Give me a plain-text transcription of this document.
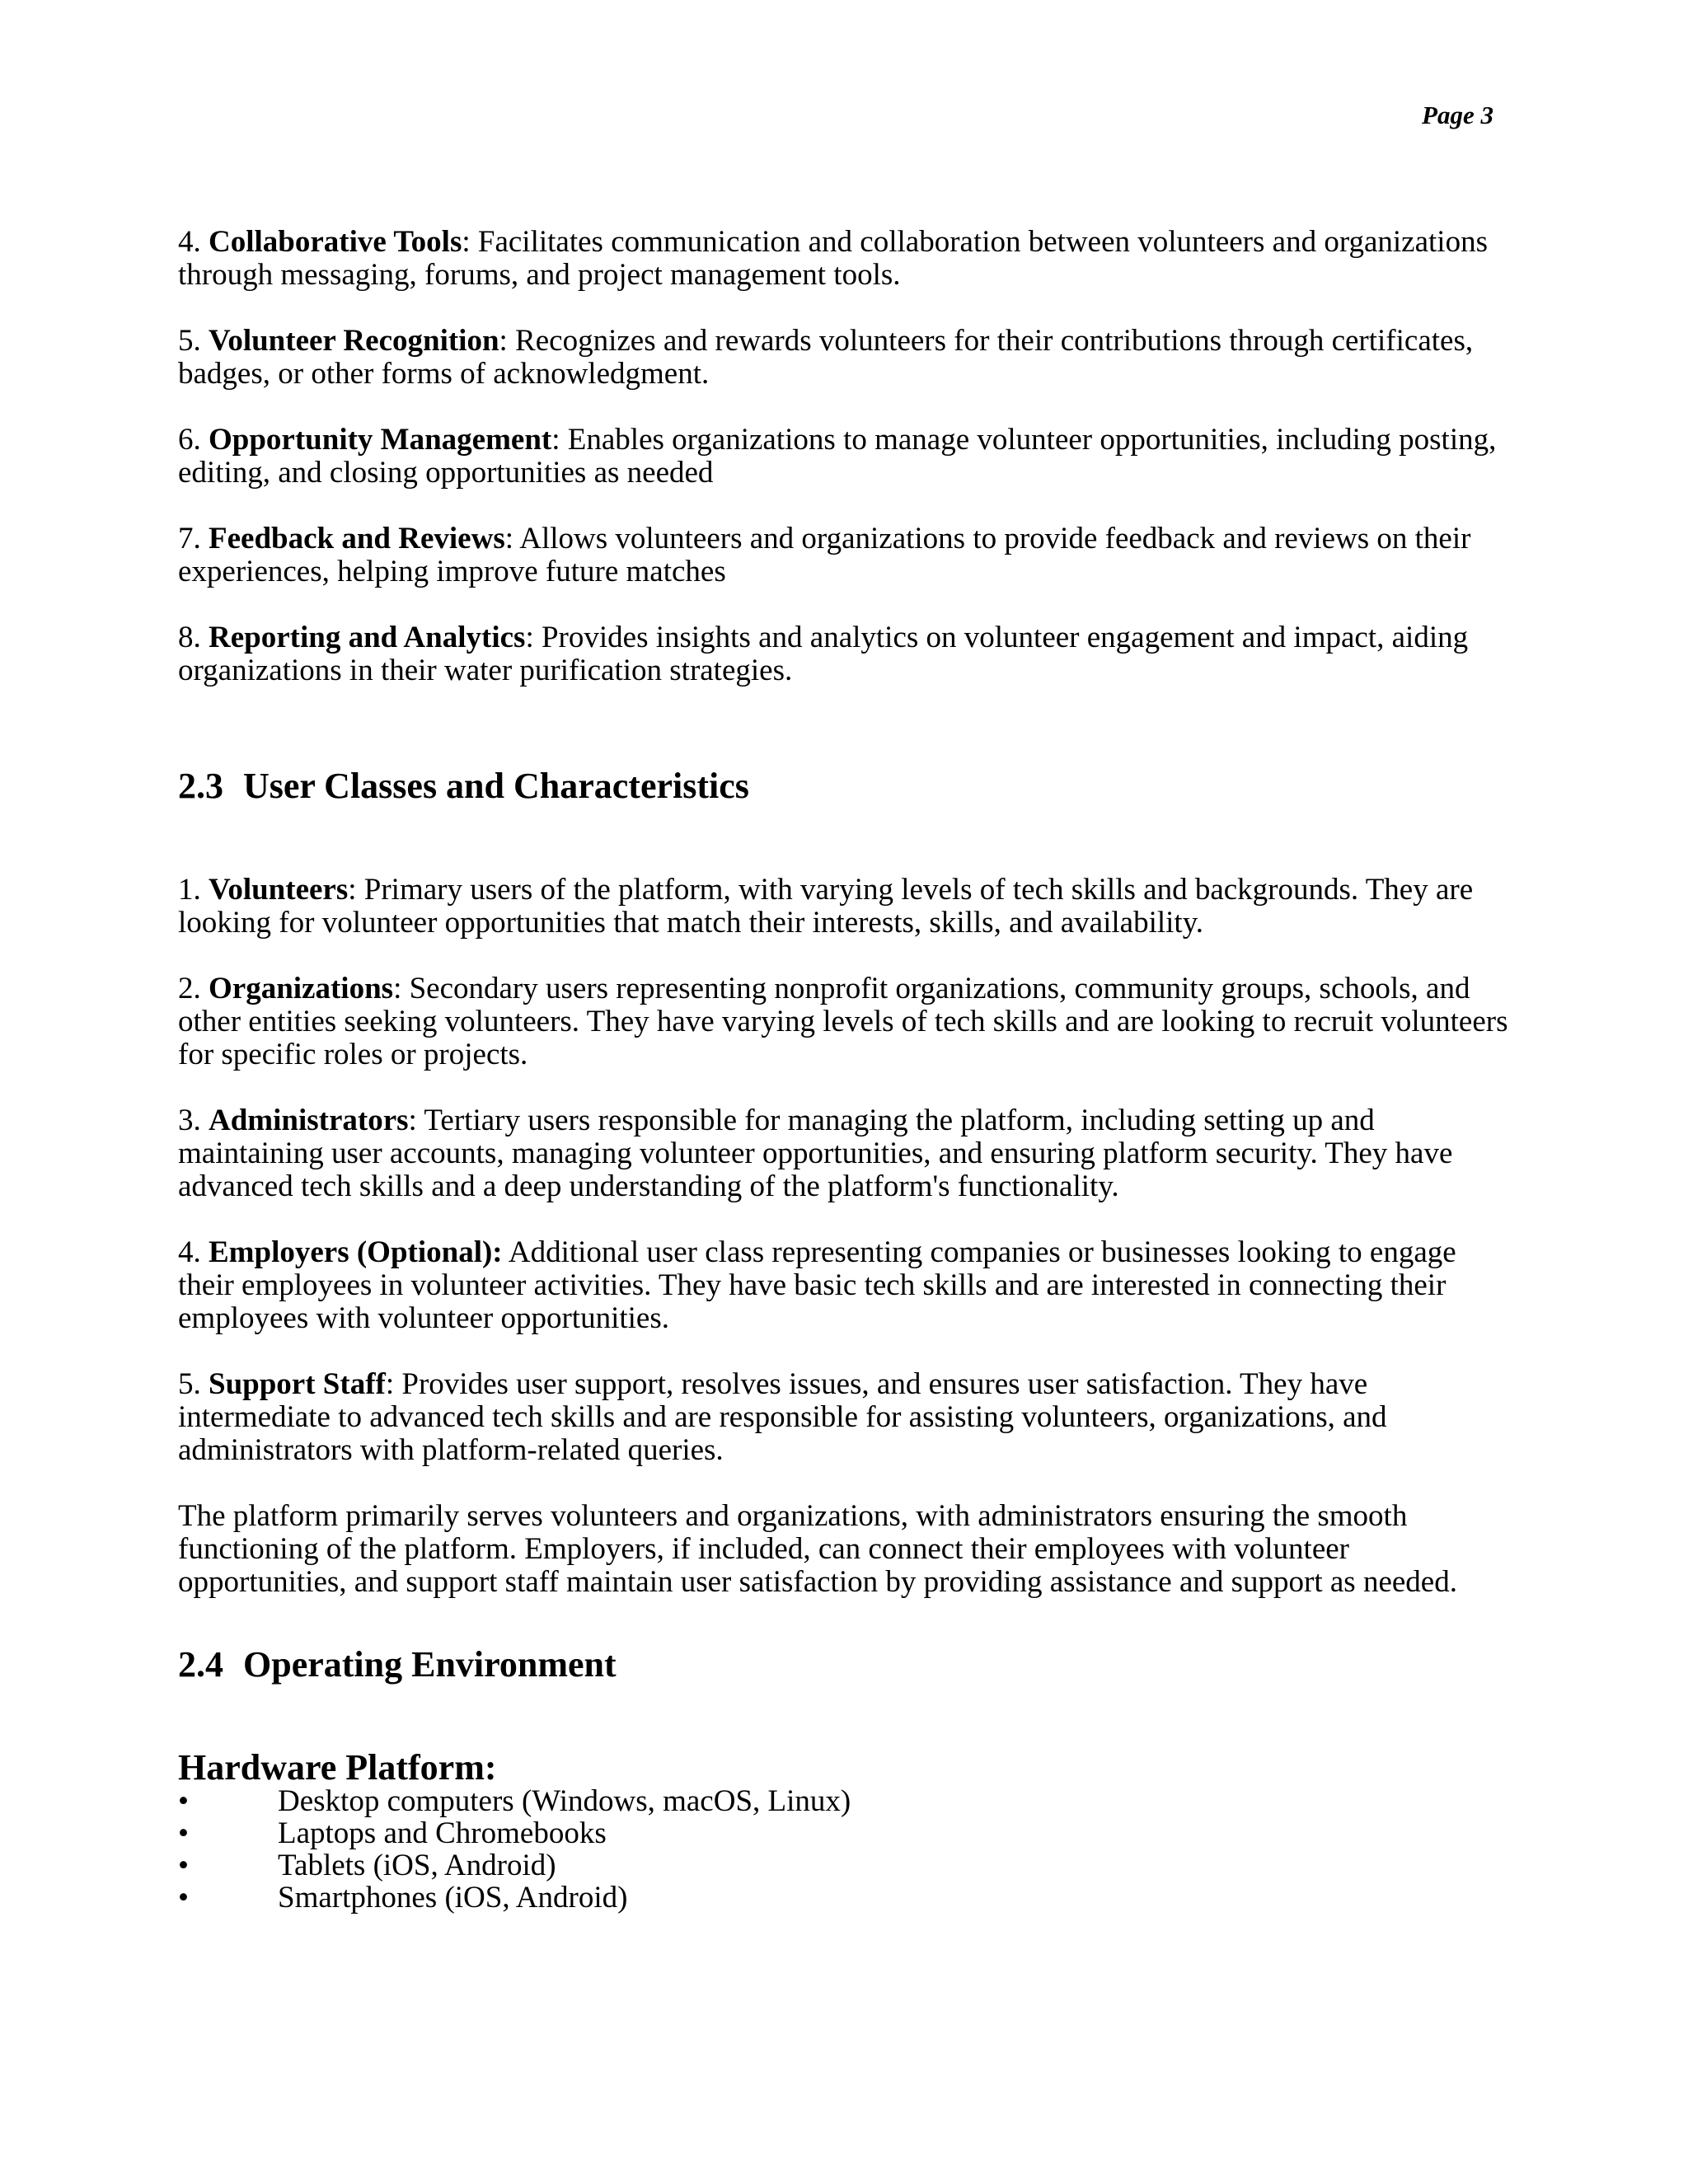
Page 3

4. Collaborative Tools: Facilitates communication and collaboration between volunteers and organizations through messaging, forums, and project management tools.

5. Volunteer Recognition: Recognizes and rewards volunteers for their contributions through certificates, badges, or other forms of acknowledgment.

6. Opportunity Management: Enables organizations to manage volunteer opportunities, including posting, editing, and closing opportunities as needed

7. Feedback and Reviews: Allows volunteers and organizations to provide feedback and reviews on their experiences, helping improve future matches

8. Reporting and Analytics: Provides insights and analytics on volunteer engagement and impact, aiding organizations in their water purification strategies.

2.3 User Classes and Characteristics

1. Volunteers: Primary users of the platform, with varying levels of tech skills and backgrounds. They are looking for volunteer opportunities that match their interests, skills, and availability.

2. Organizations: Secondary users representing nonprofit organizations, community groups, schools, and other entities seeking volunteers. They have varying levels of tech skills and are looking to recruit volunteers for specific roles or projects.

3. Administrators: Tertiary users responsible for managing the platform, including setting up and maintaining user accounts, managing volunteer opportunities, and ensuring platform security. They have advanced tech skills and a deep understanding of the platform's functionality.

4. Employers (Optional): Additional user class representing companies or businesses looking to engage their employees in volunteer activities. They have basic tech skills and are interested in connecting their employees with volunteer opportunities.

5. Support Staff: Provides user support, resolves issues, and ensures user satisfaction. They have intermediate to advanced tech skills and are responsible for assisting volunteers, organizations, and administrators with platform-related queries.

The platform primarily serves volunteers and organizations, with administrators ensuring the smooth functioning of the platform. Employers, if included, can connect their employees with volunteer opportunities, and support staff maintain user satisfaction by providing assistance and support as needed.

2.4 Operating Environment
Hardware Platform:
•	Desktop computers (Windows, macOS, Linux)
•	Laptops and Chromebooks
•	Tablets (iOS, Android)
•	Smartphones (iOS, Android)
